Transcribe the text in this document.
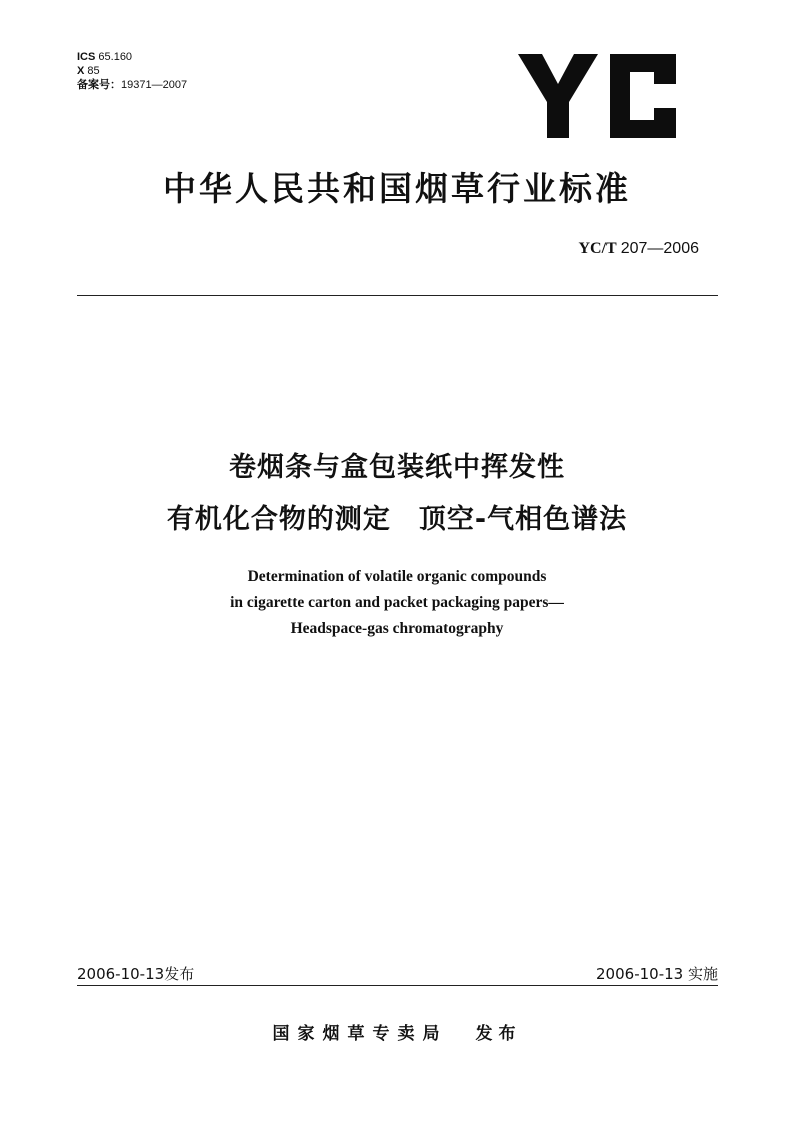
ICS 65.160
X 85
备案号：19371—2007
中华人民共和国烟草行业标准
YC/T 207—2006
卷烟条与盒包装纸中挥发性
有机化合物的测定　顶空-气相色谱法
Determination of volatile organic compounds
in cigarette carton and packet packaging papers—
Headspace-gas chromatography
2006-10-13发布	2006-10-13 实施
国家烟草专卖局 发布
